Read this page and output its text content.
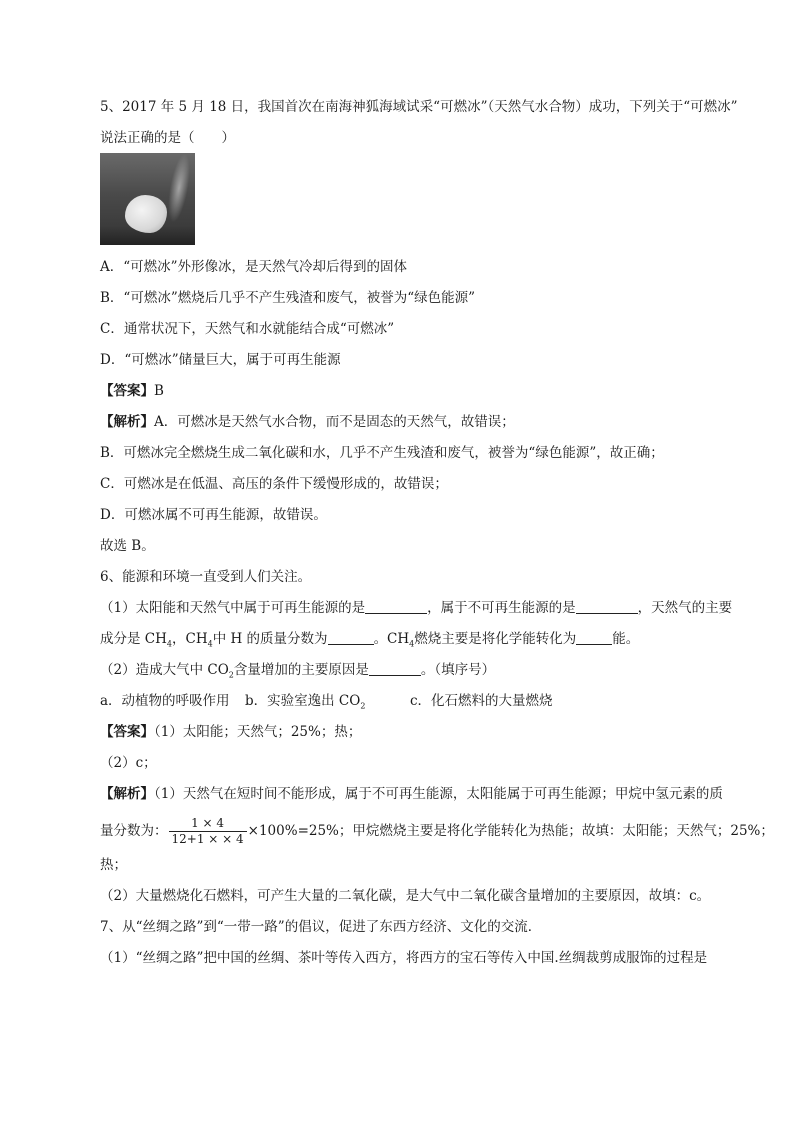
5、2017 年 5 月 18 日，我国首次在南海神狐海域试采“可燃冰”（天然气水合物）成功，下列关于“可燃冰”
说法正确的是（　　）
A．“可燃冰”外形像冰，是天然气冷却后得到的固体
B．“可燃冰”燃烧后几乎不产生残渣和废气，被誉为“绿色能源”
C．通常状况下，天然气和水就能结合成“可燃冰”
D．“可燃冰”储量巨大，属于可再生能源
【答案】B
【解析】A．可燃冰是天然气水合物，而不是固态的天然气，故错误；
B．可燃冰完全燃烧生成二氧化碳和水，几乎不产生残渣和废气，被誉为“绿色能源”，故正确；
C．可燃冰是在低温、高压的条件下缓慢形成的，故错误；
D．可燃冰属不可再生能源，故错误。
故选 B。
6、能源和环境一直受到人们关注。
（1）太阳能和天然气中属于可再生能源的是	，属于不可再生能源的是	，天然气的主要
成分是 $CH_4$，$CH_4$中 H 的质量分数为	。$CH_4$燃烧主要是将化学能转化为	能。
（2）造成大气中 $CO_2$含量增加的主要原因是	。（填序号）
a．动植物的呼吸作用 b．实验室逸出 $CO_2$	c．化石燃料的大量燃烧
【答案】（1）太阳能；天然气；25%；热；
（2）c；
【解析】（1）天然气在短时间不能形成，属于不可再生能源，太阳能属于可再生能源；甲烷中氢元素的质
量分数为： $\frac{1 \times 4}{12+1 \times \times 4} \times 100\%=25\%$；甲烷燃烧主要是将化学能转化为热能；故填：太阳能；天然气；25%；
热；
（2）大量燃烧化石燃料，可产生大量的二氧化碳，是大气中二氧化碳含量增加的主要原因，故填：c。
7、从“丝绸之路”到“一带一路”的倡议，促进了东西方经济、文化的交流．
（1）“丝绸之路”把中国的丝绸、茶叶等传入西方，将西方的宝石等传入中国.丝绸裁剪成服饰的过程是
